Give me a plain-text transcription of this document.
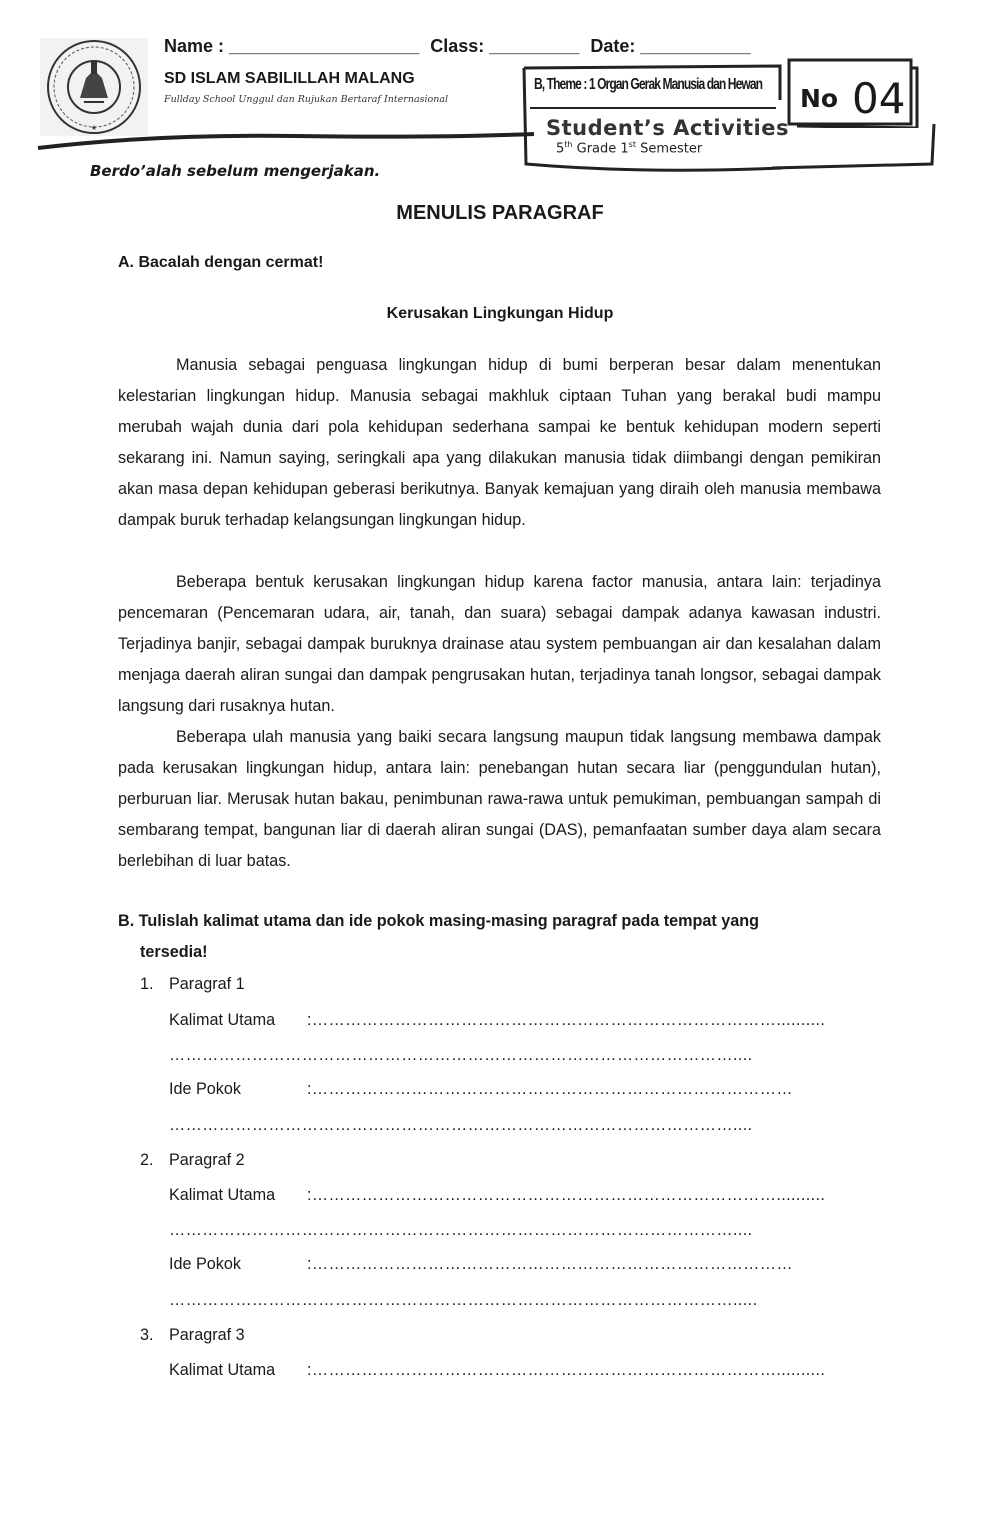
★
Name : ___________________ Class: _________ Date: ___________
SD ISLAM SABILILLAH MALANG
Fullday School Unggul dan Rujukan Bertaraf Internasional
B, Theme : 1 Organ Gerak Manusia dan Hewan
Student’s Activities
5th Grade 1st Semester
No 04
Berdo’alah sebelum mengerjakan.
MENULIS PARAGRAF
A. Bacalah dengan cermat!
Kerusakan Lingkungan Hidup

Manusia sebagai penguasa lingkungan hidup di bumi berperan besar dalam menentukan kelestarian lingkungan hidup. Manusia sebagai makhluk ciptaan Tuhan yang berakal budi mampu merubah wajah dunia dari pola kehidupan sederhana sampai ke bentuk kehidupan modern seperti sekarang ini. Namun saying, seringkali apa yang dilakukan manusia tidak diimbangi dengan pemikiran akan masa depan kehidupan geberasi berikutnya. Banyak kemajuan yang diraih oleh manusia membawa dampak buruk terhadap kelangsungan lingkungan hidup.

Beberapa bentuk kerusakan lingkungan hidup karena factor manusia, antara lain: terjadinya pencemaran (Pencemaran udara, air, tanah, dan suara) sebagai dampak adanya kawasan industri. Terjadinya banjir, sebagai dampak buruknya drainase atau system pembuangan air dan kesalahan dalam menjaga daerah aliran sungai dan dampak pengrusakan hutan, terjadinya tanah longsor, sebagai dampak langsung dari rusaknya hutan.

Beberapa ulah manusia yang baiki secara langsung maupun tidak langsung membawa dampak pada kerusakan lingkungan hidup, antara lain: penebangan hutan secara liar (penggundulan hutan), perburuan liar. Merusak hutan bakau, penimbunan rawa-rawa untuk pemukiman, pembuangan sampah di sembarang tempat, bangunan liar di daerah aliran sungai (DAS), pemanfaatan sumber daya alam secara berlebihan di luar batas.

B. Tulislah kalimat utama dan ide pokok masing-masing paragraf pada tempat yang
tersedia!
1. Paragraf 1
Kalimat Utama :…………………………………………………………………………..........
…………………………………………………………………………………………....
Ide Pokok	:……………………………………………………………………………
…………………………………………………………………………………………....
2. Paragraf 2
Kalimat Utama :…………………………………………………………………………..........
…………………………………………………………………………………………....
Ide Pokok	:……………………………………………………………………………
………………………………………………………………………………………….....
3. Paragraf 3
Kalimat Utama :…………………………………………………………………………..........
